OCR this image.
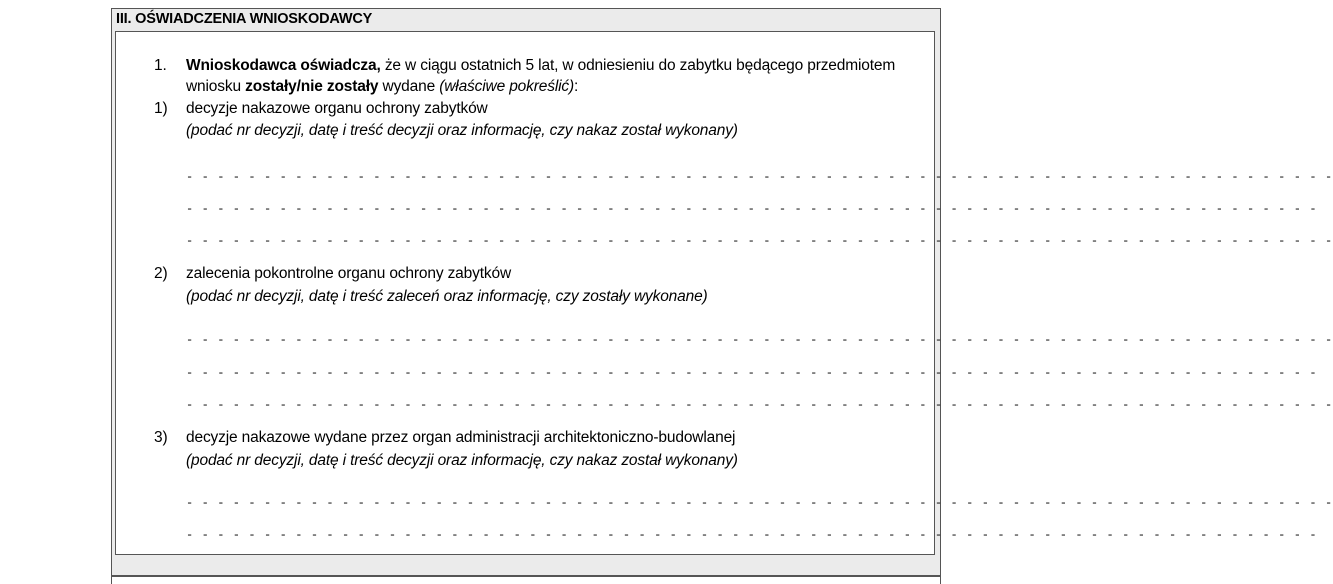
III. OŚWIADCZENIA WNIOSKODAWCY
1. Wnioskodawca oświadcza, że w ciągu ostatnich 5 lat, w odniesieniu do zabytku będącego przedmiotem
wniosku zostały/nie zostały wydane (właściwe pokreślić):
1) decyzje nakazowe organu ochrony zabytków
(podać nr decyzji, datę i treść decyzji oraz informację, czy nakaz został wykonany)
- - - - - - - - - - - - - - - - - - - - - - - - - - - - - - - - - - - - - - - - - - - - - - - - - - - - - - - - - - - - - - - - - - - - - - - - - -
- - - - - - - - - - - - - - - - - - - - - - - - - - - - - - - - - - - - - - - - - - - - - - - - - - - - - - - - - - - - - - - - - - - - - - - - -
- - - - - - - - - - - - - - - - - - - - - - - - - - - - - - - - - - - - - - - - - - - - - - - - - - - - - - - - - - - - - - - - - - - - - - - - - -
2) zalecenia pokontrolne organu ochrony zabytków
(podać nr decyzji, datę i treść zaleceń oraz informację, czy zostały wykonane)
- - - - - - - - - - - - - - - - - - - - - - - - - - - - - - - - - - - - - - - - - - - - - - - - - - - - - - - - - - - - - - - - - - - - - - - - - -
- - - - - - - - - - - - - - - - - - - - - - - - - - - - - - - - - - - - - - - - - - - - - - - - - - - - - - - - - - - - - - - - - - - - - - - - -
- - - - - - - - - - - - - - - - - - - - - - - - - - - - - - - - - - - - - - - - - - - - - - - - - - - - - - - - - - - - - - - - - - - - - - - - - -
3) decyzje nakazowe wydane przez organ administracji architektoniczno-budowlanej
(podać nr decyzji, datę i treść decyzji oraz informację, czy nakaz został wykonany)
- - - - - - - - - - - - - - - - - - - - - - - - - - - - - - - - - - - - - - - - - - - - - - - - - - - - - - - - - - - - - - - - - - - - - - - - - -
- - - - - - - - - - - - - - - - - - - - - - - - - - - - - - - - - - - - - - - - - - - - - - - - - - - - - - - - - - - - - - - - - - - - - - - - -
